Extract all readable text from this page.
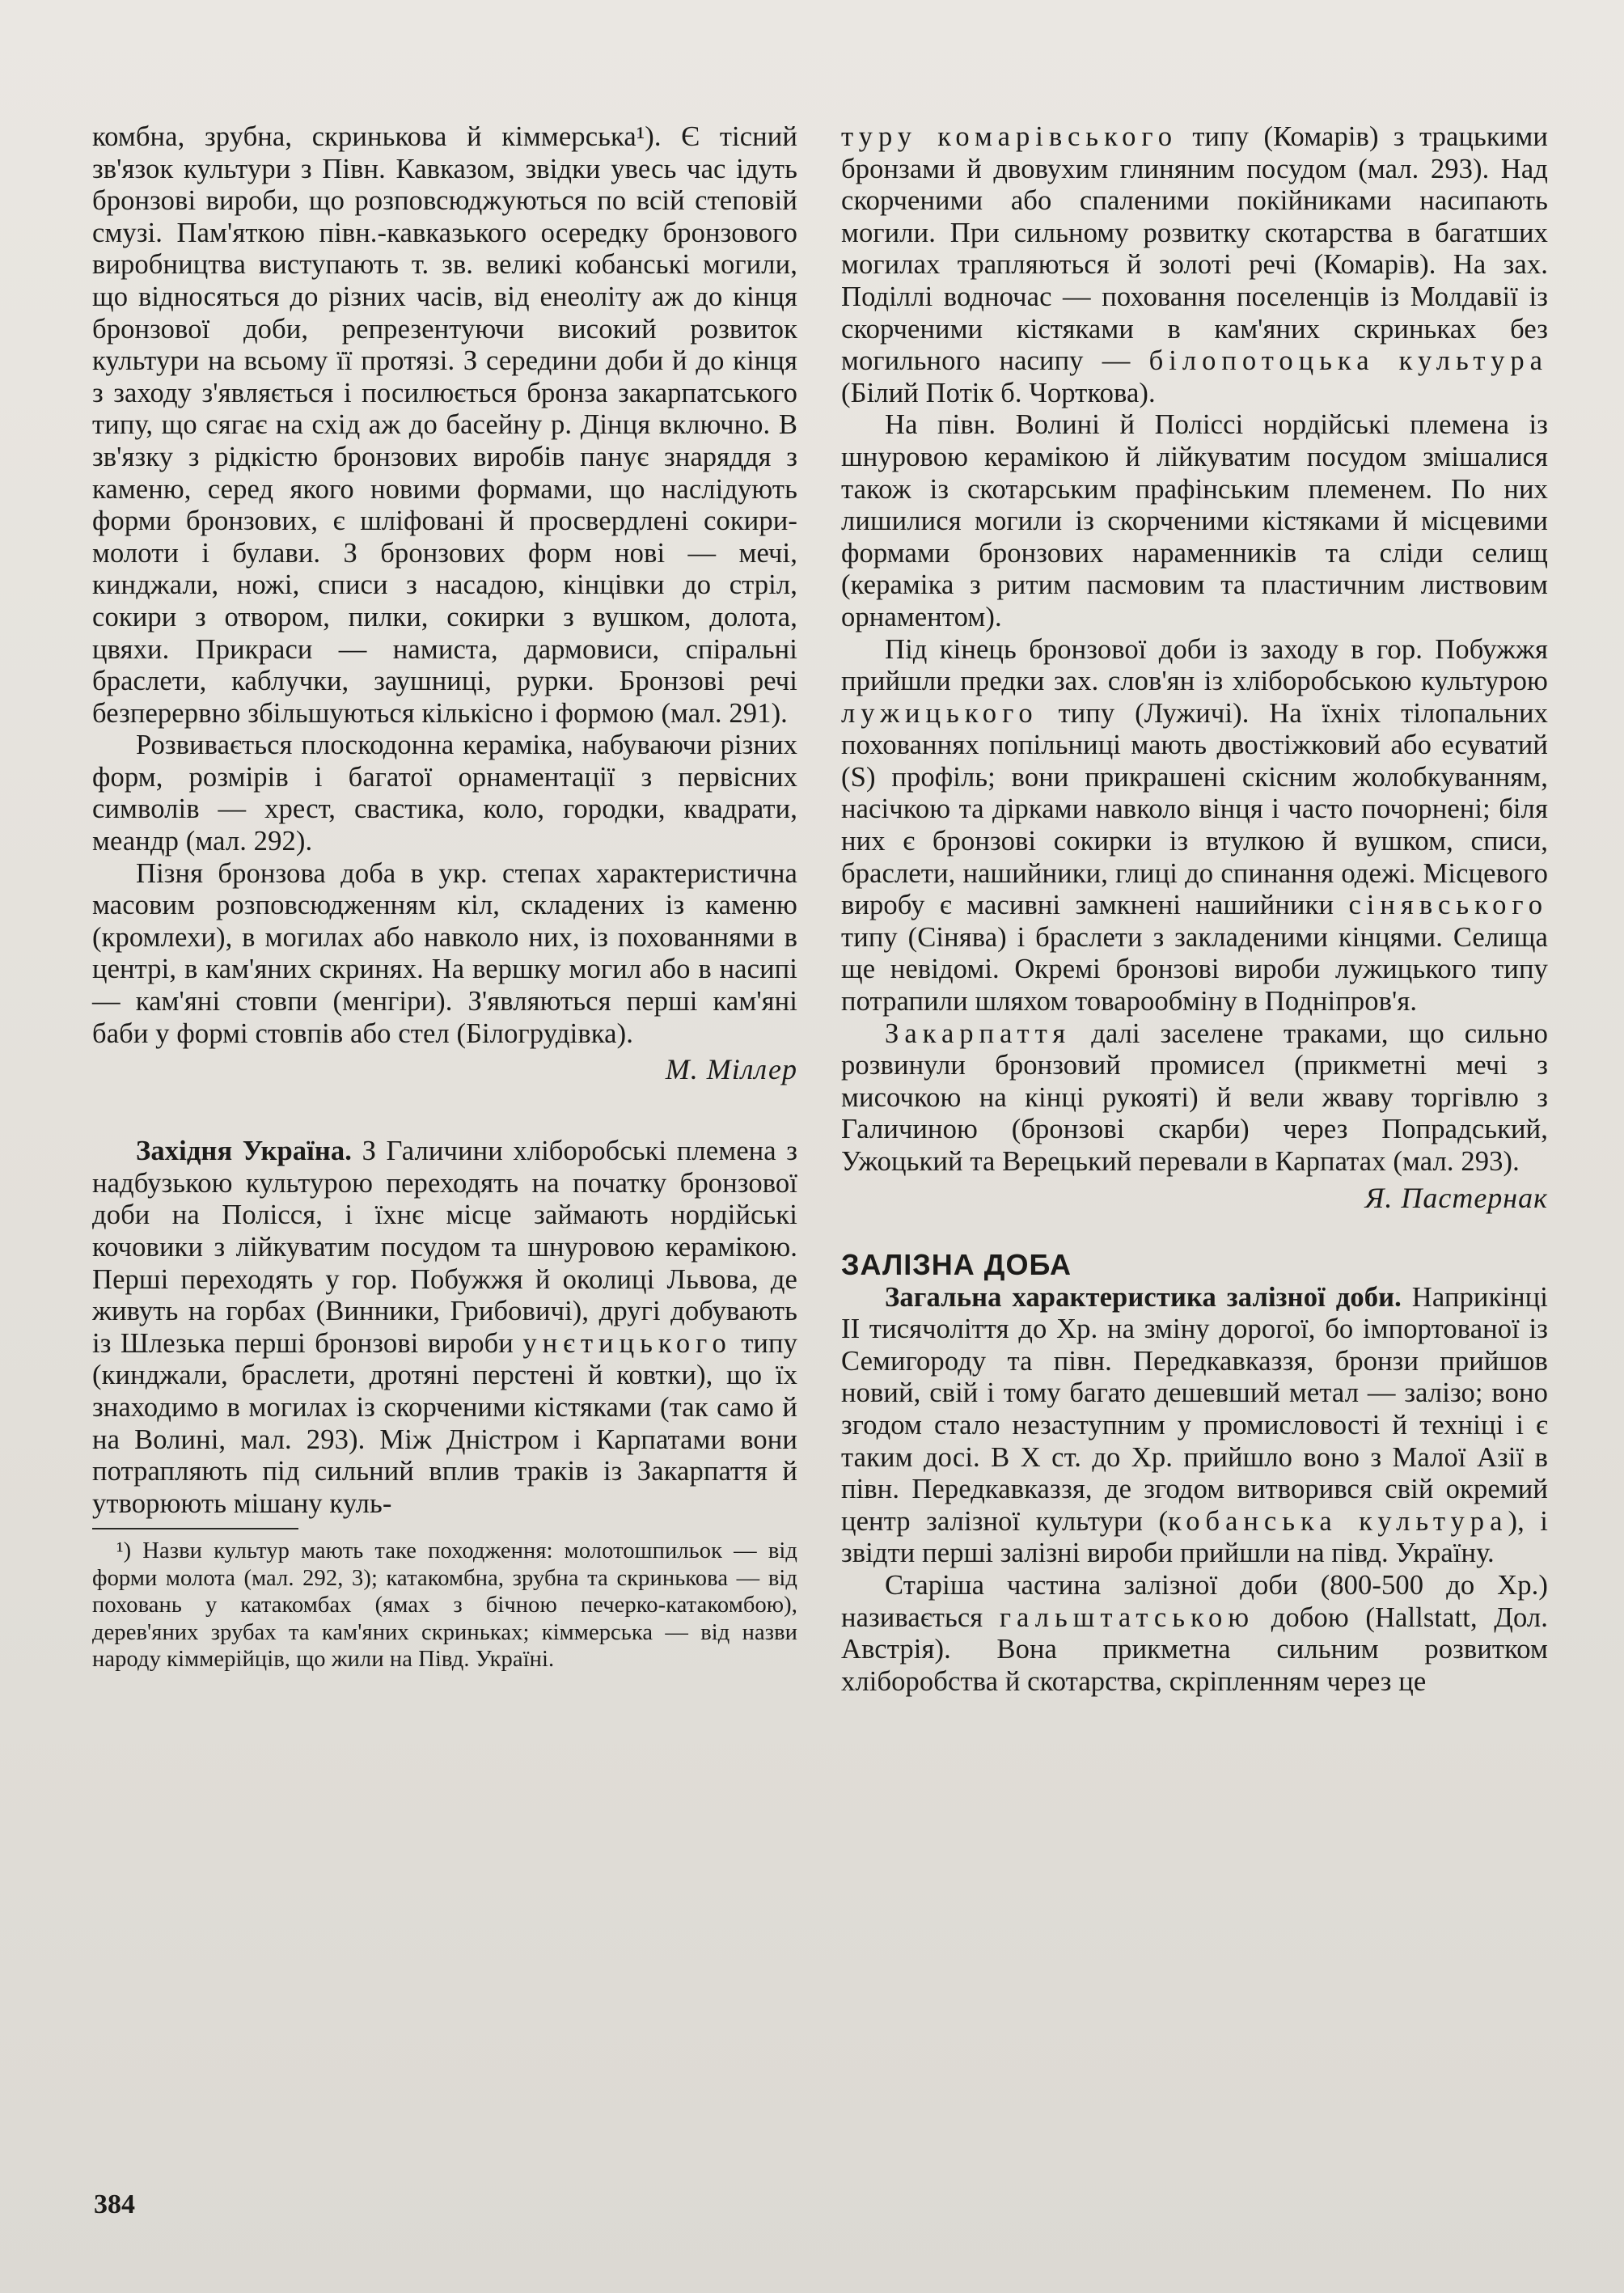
комбна, зрубна, скринькова й кіммерська¹). Є тісний зв'язок культури з Півн. Кавказом, звідки увесь час ідуть бронзові вироби, що розповсюджуються по всій степовій смузі. Пам'яткою півн.-кавказького осередку бронзового виробництва виступають т. зв. великі кобанські могили, що відносяться до різних часів, від енеоліту аж до кінця бронзової доби, репрезентуючи високий розвиток культури на всьому її протязі. З середини доби й до кінця з заходу з'являється і посилюється бронза закарпатського типу, що сягає на схід аж до басейну р. Дінця включно. В зв'язку з рідкістю бронзових виробів панує знаряддя з каменю, серед якого новими формами, що наслідують форми бронзових, є шліфовані й просвердлені сокири-молоти і булави. З бронзових форм нові — мечі, кинджали, ножі, списи з насадою, кінцівки до стріл, сокири з отвором, пилки, сокирки з вушком, долота, цвяхи. Прикраси — намиста, дармовиси, спіральні браслети, каблучки, заушниці, рурки. Бронзові речі безперервно збільшуються кількісно і формою (мал. 291).

Розвивається плоскодонна кераміка, набуваючи різних форм, розмірів і багатої орнаментації з первісних символів — хрест, свастика, коло, городки, квадрати, меандр (мал. 292).

Пізня бронзова доба в укр. степах характеристична масовим розповсюдженням кіл, складених із каменю (кромлехи), в могилах або навколо них, із похованнями в центрі, в кам'яних скринях. На вершку могил або в насипі — кам'яні стовпи (менгіри). З'являються перші кам'яні баби у формі стовпів або стел (Білогрудівка).

М. Міллер

Західня Україна. З Галичини хліборобські племена з надбузькою культурою переходять на початку бронзової доби на Полісся, і їхнє місце займають нордійські кочовики з лійкуватим посудом та шнуровою керамікою. Перші переходять у гор. Побужжя й околиці Львова, де живуть на горбах (Винники, Грибовичі), другі добувають із Шлезька перші бронзові вироби унєтицького типу (кинджали, браслети, дротяні перстені й ковтки), що їх знаходимо в могилах із скорченими кістяками (так само й на Волині, мал. 293). Між Дністром і Карпатами вони потрапляють під сильний вплив траків із Закарпаття й утворюють мішану куль-

¹) Назви культур мають таке походження: молотошпильок — від форми молота (мал. 292, 3); катакомбна, зрубна та скринькова — від поховань у катакомбах (ямах з бічною печерко-катакомбою), дерев'яних зрубах та кам'яних скриньках; кіммерська — від назви народу кіммерійців, що жили на Півд. Україні.

туру комарівського типу (Комарів) з трацькими бронзами й двовухим глиняним посудом (мал. 293). Над скорченими або спаленими покійниками насипають могили. При сильному розвитку скотарства в багатших могилах трапляються й золоті речі (Комарів). На зах. Поділлі водночас — поховання поселенців із Молдавії із скорченими кістяками в кам'яних скриньках без могильного насипу — білопотоцька культура (Білий Потік б. Чорткова).

На півн. Волині й Поліссі нордійські племена із шнуровою керамікою й лійкуватим посудом змішалися також із скотарським прафінським племенем. По них лишилися могили із скорченими кістяками й місцевими формами бронзових нараменників та сліди селищ (кераміка з ритим пасмовим та пластичним листвовим орнаментом).

Під кінець бронзової доби із заходу в гор. Побужжя прийшли предки зах. слов'ян із хліборобською культурою лужицького типу (Лужичі). На їхніх тілопальних похованнях попільниці мають двостіжковий або есуватий (S) профіль; вони прикрашені скісним жолобкуванням, насічкою та дірками навколо вінця і часто почорнені; біля них є бронзові сокирки із втулкою й вушком, списи, браслети, нашийники, глиці до спинання одежі. Місцевого виробу є масивні замкнені нашийники сінявського типу (Сінява) і браслети з закладеними кінцями. Селища ще невідомі. Окремі бронзові вироби лужицького типу потрапили шляхом товарообміну в Подніпров'я.

Закарпаття далі заселене траками, що сильно розвинули бронзовий промисел (прикметні мечі з мисочкою на кінці рукояті) й вели жваву торгівлю з Галичиною (бронзові скарби) через Попрадський, Ужоцький та Верецький перевали в Карпатах (мал. 293).

Я. Пастернак
ЗАЛІЗНА ДОБА

Загальна характеристика залізної доби. Наприкінці II тисячоліття до Хр. на зміну дорогої, бо імпортованої із Семигороду та півн. Передкавказзя, бронзи прийшов новий, свій і тому багато дешевший метал — залізо; воно згодом стало незаступним у промисловості й техніці і є таким досі. В X ст. до Хр. прийшло воно з Малої Азії в півн. Передкавказзя, де згодом витворився свій окремий центр залізної культури (кобанська культура), і звідти перші залізні вироби прийшли на півд. Україну.

Старіша частина залізної доби (800-500 до Хр.) називається гальштатською добою (Hallstatt, Дол. Австрія). Вона прикметна сильним розвитком хліборобства й скотарства, скріпленням через це

384
